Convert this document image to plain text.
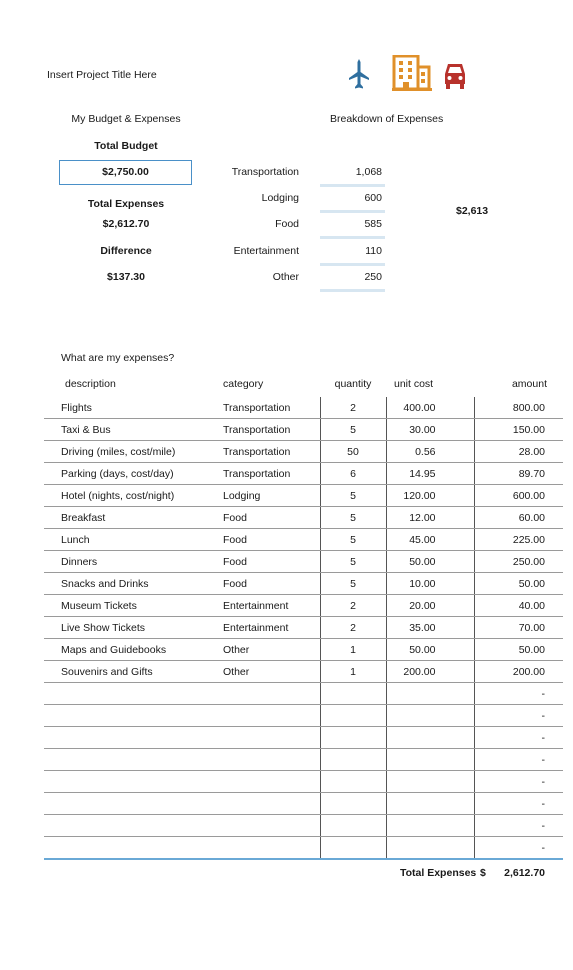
Insert Project Title Here
My Budget & Expenses
Total Budget
$2,750.00
Total Expenses
$2,612.70
Difference
$137.30
Breakdown of Expenses
Transportation	1,068
Lodging	600
Food	585
Entertainment	110
Other	250
$2,613
What are my expenses?
description	category	quantity	unit cost	amount
Flights	Transportation	2	400.00	800.00
Taxi & Bus	Transportation	5	30.00	150.00
Driving (miles, cost/mile)	Transportation	50	0.56	28.00
Parking (days, cost/day)	Transportation	6	14.95	89.70
Hotel (nights, cost/night)	Lodging	5	120.00	600.00
Breakfast	Food	5	12.00	60.00
Lunch	Food	5	45.00	225.00
Dinners	Food	5	50.00	250.00
Snacks and Drinks	Food	5	10.00	50.00
Museum Tickets	Entertainment	2	20.00	40.00
Live Show Tickets	Entertainment	2	35.00	70.00
Maps and Guidebooks	Other	1	50.00	50.00
Souvenirs and Gifts	Other	1	200.00	200.00
				-
				-
				-
				-
				-
				-
				-
				-
Total Expenses $	2,612.70
